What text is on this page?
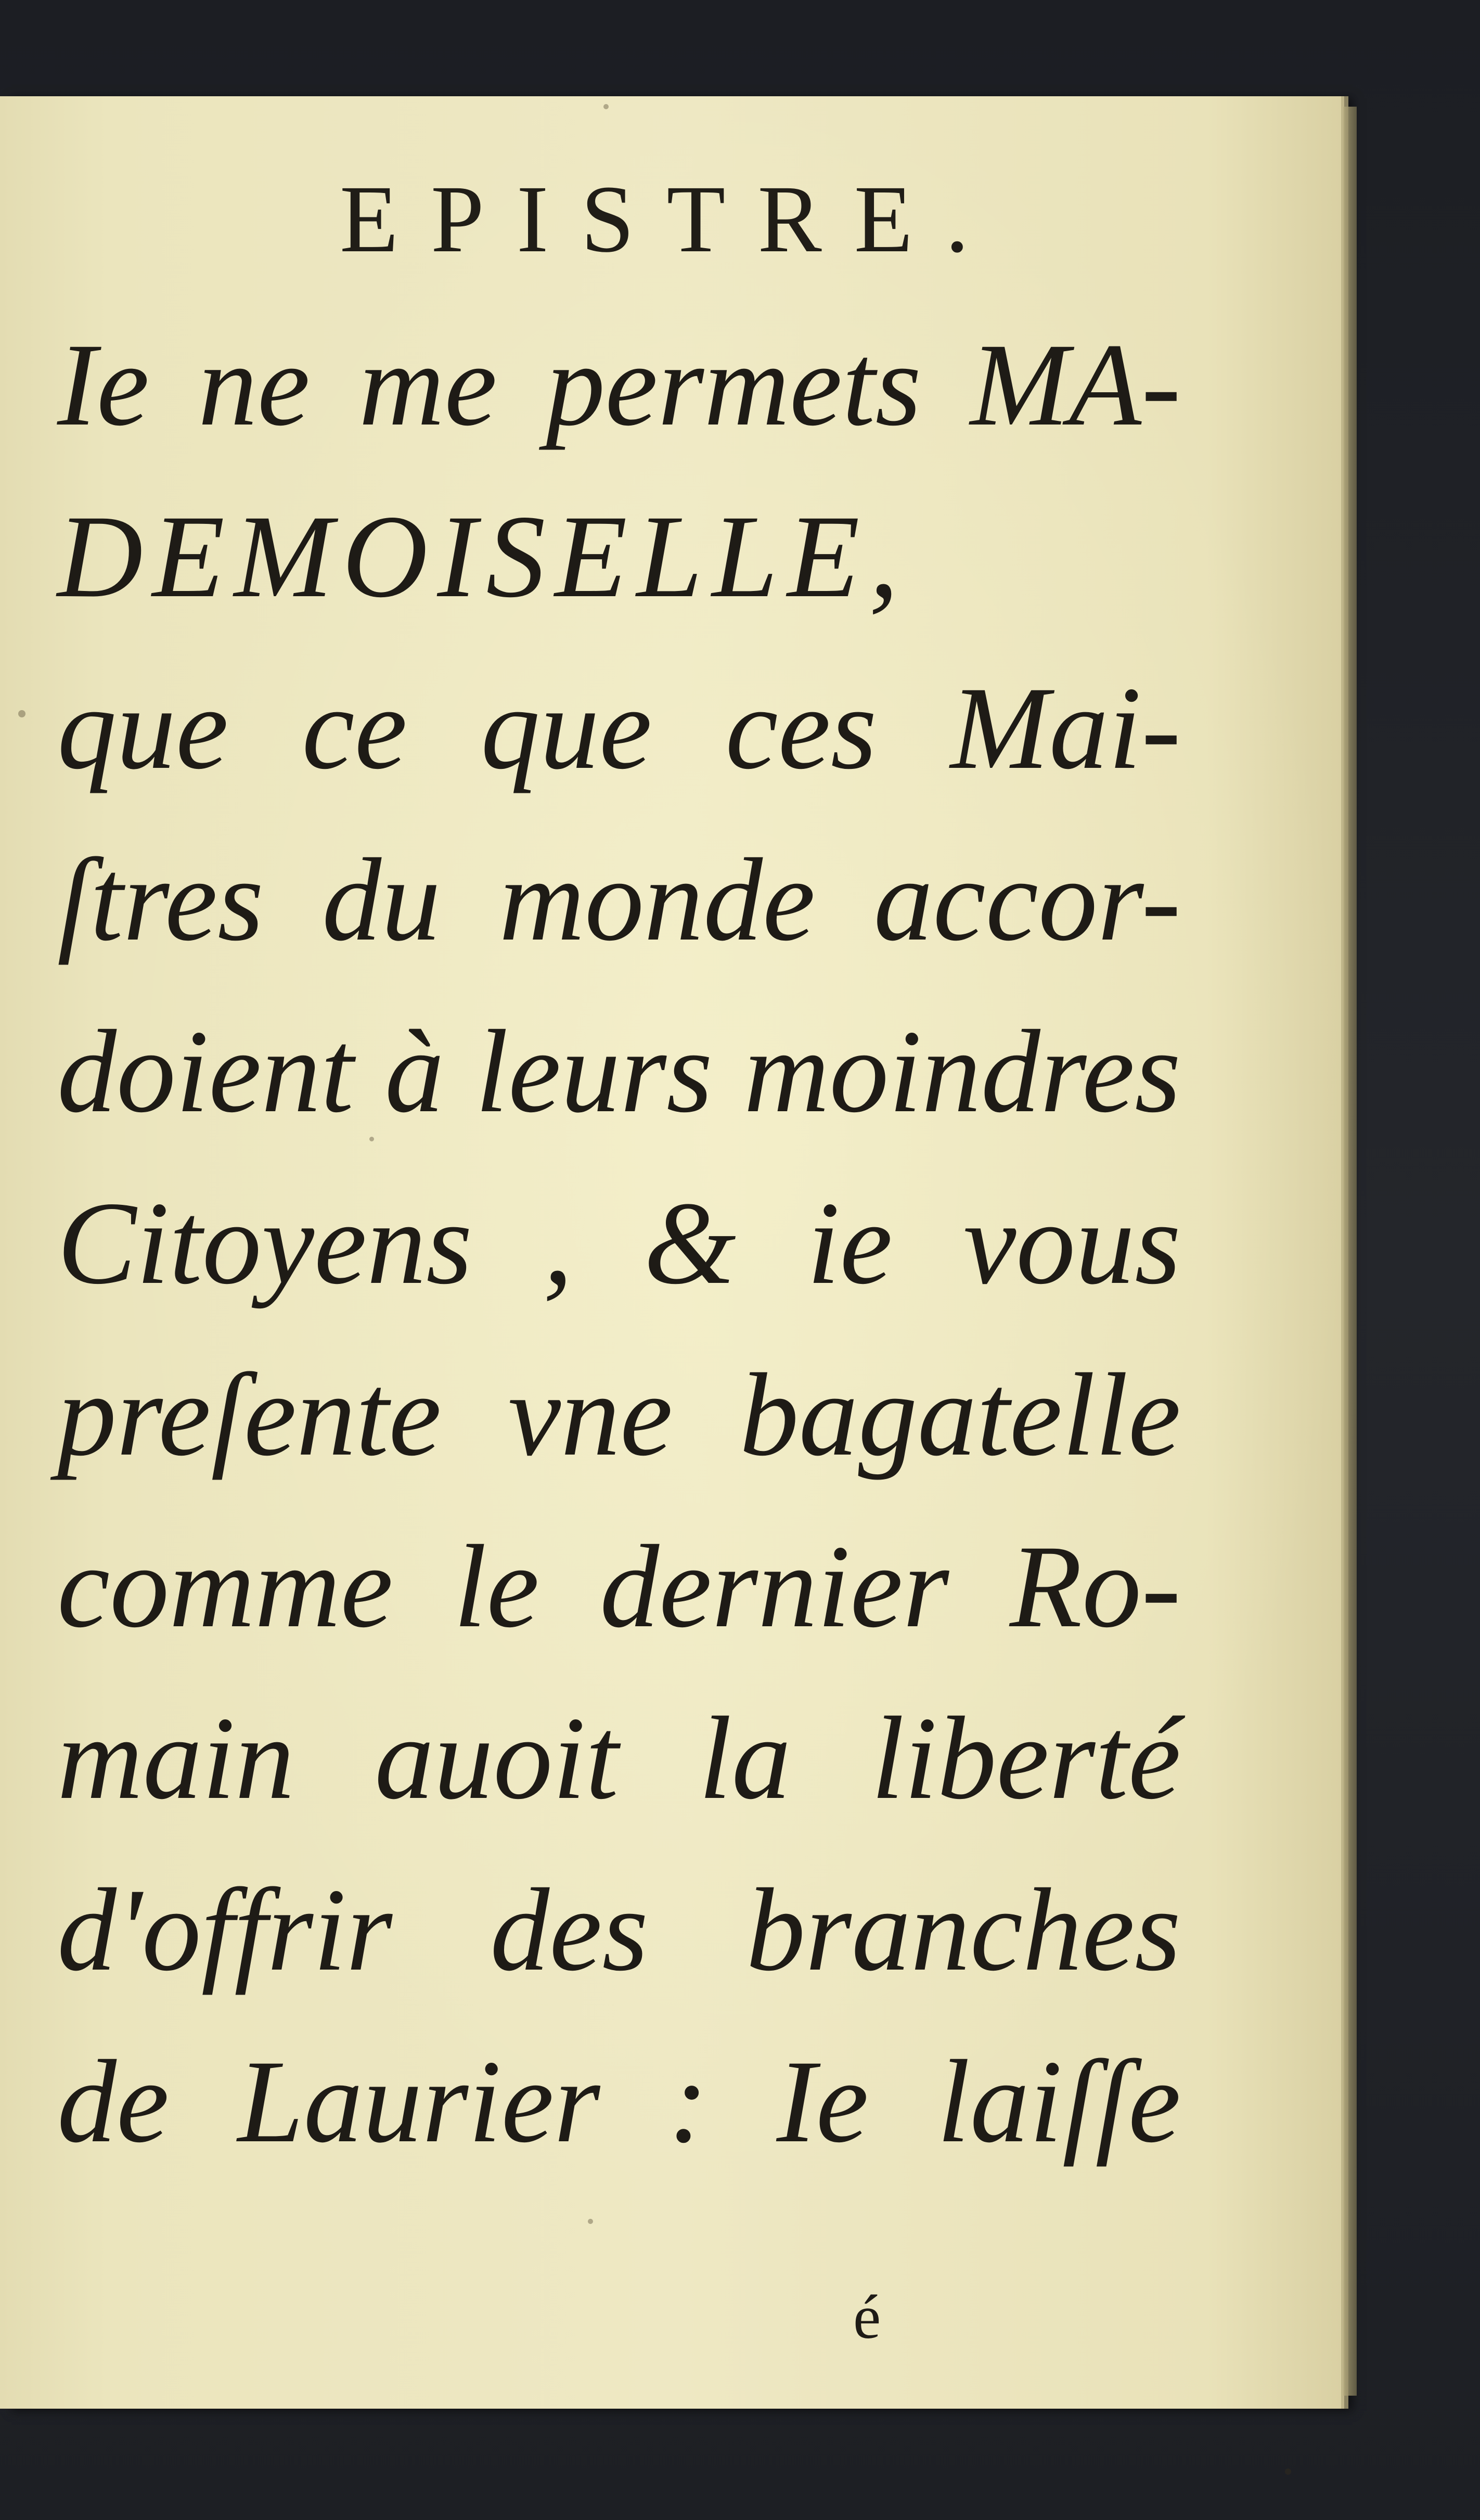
EPISTRE.
Ie ne me permets MA-
DEMOISELLE,
que ce que ces Mai-
ſtres du monde accor-
doient à leurs moindres
Citoyens , & ie vous
preſente vne bagatelle
comme le dernier Ro-
main auoit la liberté
d'offrir des branches
de Laurier : Ie laiſſe
é
